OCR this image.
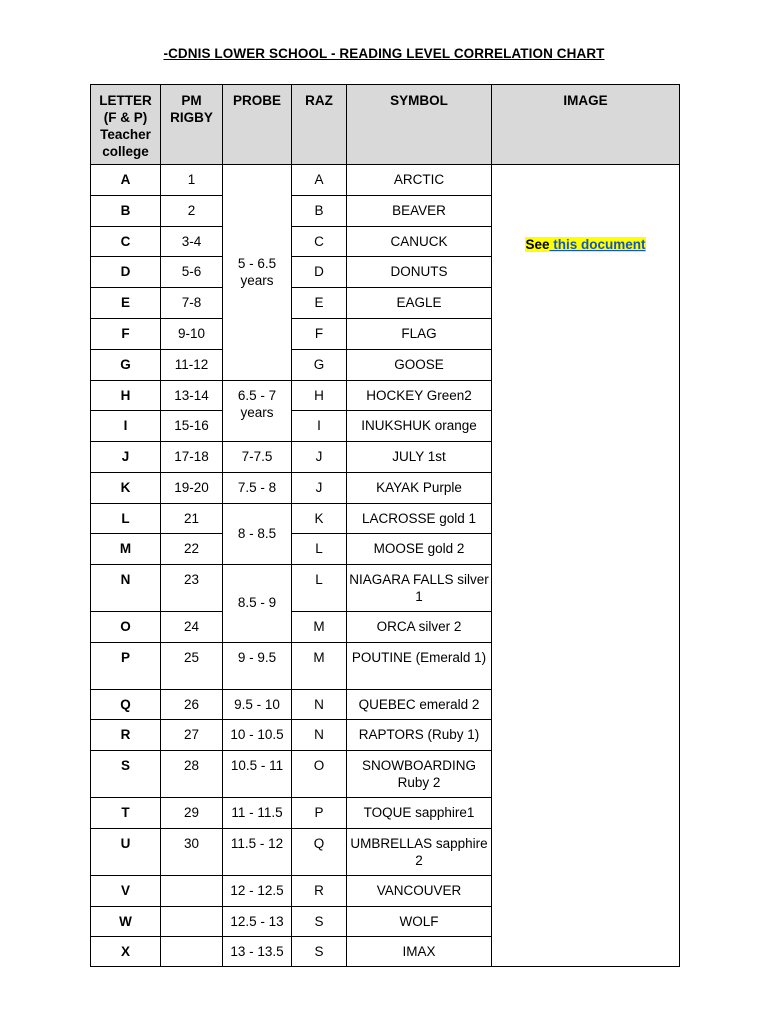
-CDNIS LOWER SCHOOL - READING LEVEL CORRELATION CHART
LETTER
(F & P)
Teacher
college	PM
RIGBY	PROBE	RAZ	SYMBOL	IMAGE
A	1	5 - 6.5 years	A	ARCTIC	See this document
B	2		B	BEAVER	
C	3-4		C	CANUCK	
D	5-6		D	DONUTS	
E	7-8		E	EAGLE	
F	9-10		F	FLAG	
G	11-12		G	GOOSE	
H	13-14	6.5 - 7 years	H	HOCKEY Green2	
I	15-16		I	INUKSHUK orange	
J	17-18	7-7.5	J	JULY 1st	
K	19-20	7.5 - 8	J	KAYAK Purple	
L	21	8 - 8.5	K	LACROSSE gold 1	
M	22		L	MOOSE gold 2	
N	23	8.5 - 9	L	NIAGARA FALLS silver 1	
O	24		M	ORCA silver 2	
P	25	9 - 9.5	M	POUTINE (Emerald 1)	
Q	26	9.5 - 10	N	QUEBEC emerald 2	
R	27	10 - 10.5	N	RAPTORS (Ruby 1)	
S	28	10.5 - 11	O	SNOWBOARDING Ruby 2	
T	29	11 - 11.5	P	TOQUE sapphire1	
U	30	11.5 - 12	Q	UMBRELLAS sapphire 2	
V		12 - 12.5	R	VANCOUVER	
W		12.5 - 13	S	WOLF	
X		13 - 13.5	S	IMAX	
